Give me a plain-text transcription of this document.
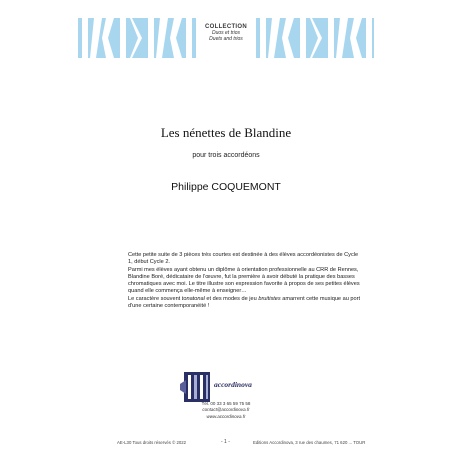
COLLECTION
Duos et trios
Duets and trios
Les nénettes de Blandine
pour trois accordéons
Philippe COQUEMONT

Cette petite suite de 3 pièces très courtes est destinée à des élèves accordéonistes de Cycle 1, début Cycle 2.

Parmi mes élèves ayant obtenu un diplôme à orientation professionnelle au CRR de Rennes, Blandine Boré, dédicataire de l'œuvre, fut la première à avoir débuté la pratique des basses chromatiques avec moi. Le titre illustre son expression favorite à propos de ses petites élèves quand elle commença elle-même à enseigner…

Le caractère souvent tonatonal et des modes de jeu bruitistes amarrent cette musique au port d'une certaine contemporanéité !

accordinova
Tél. 00 33 3 65 59 75 58
contact@accordinova.fr
www.accordinova.fr
AE-L30 Tous droits réservés © 2022	- 1 -	Editions Accordinova, 3 rue des chaumes, 71 620 ... TOUR
